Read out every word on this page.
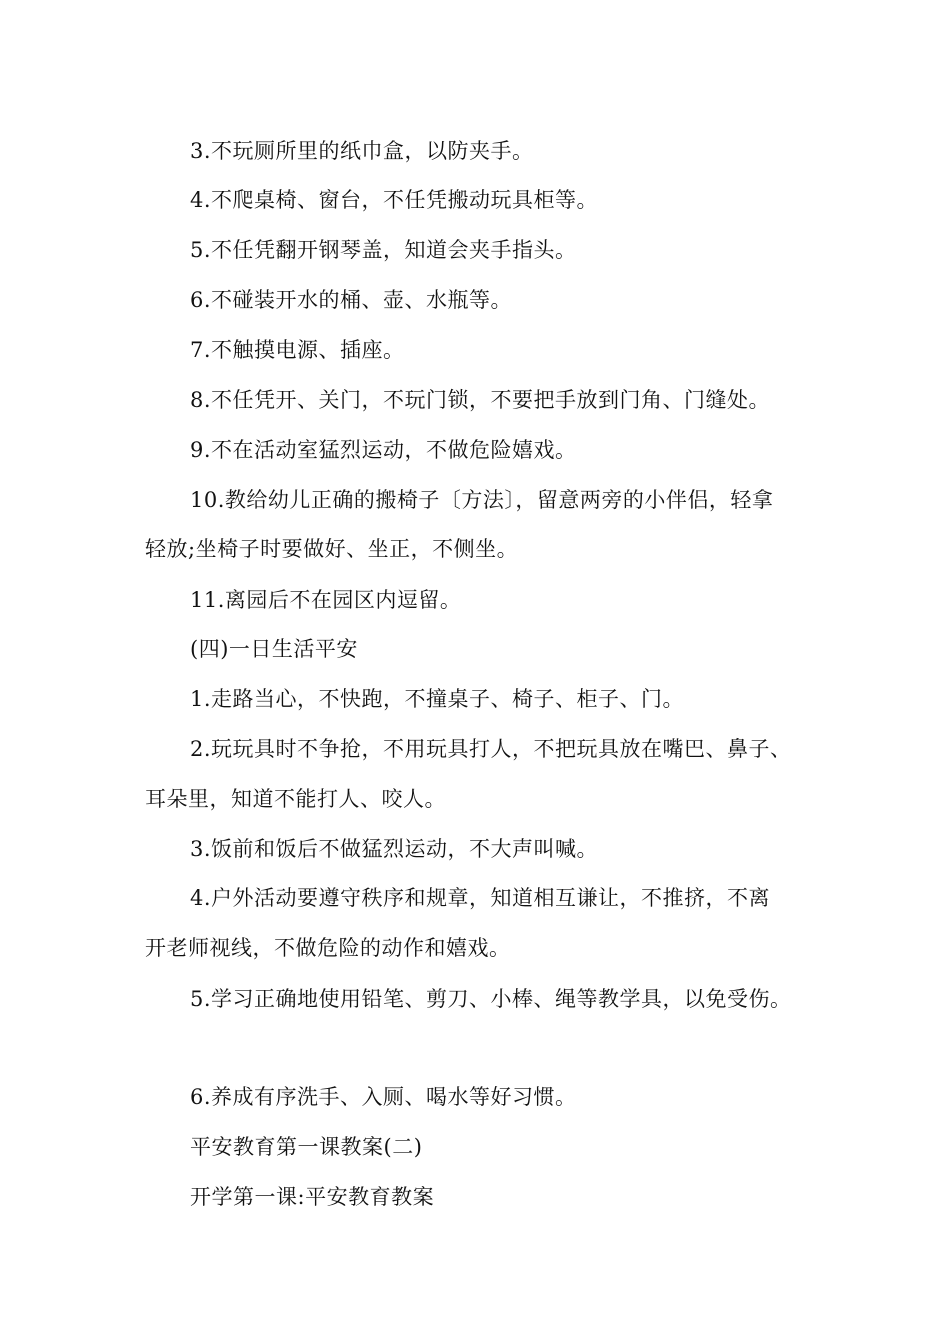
3.不玩厕所里的纸巾盒，以防夹手。
4.不爬桌椅、窗台，不任凭搬动玩具柜等。
5.不任凭翻开钢琴盖，知道会夹手指头。
6.不碰装开水的桶、壶、水瓶等。
7.不触摸电源、插座。
8.不任凭开、关门，不玩门锁，不要把手放到门角、门缝处。
9.不在活动室猛烈运动，不做危险嬉戏。
10.教给幼儿正确的搬椅子〔方法〕，留意两旁的小伴侣，轻拿
轻放;坐椅子时要做好、坐正，不侧坐。
11.离园后不在园区内逗留。
(四)一日生活平安
1.走路当心，不快跑，不撞桌子、椅子、柜子、门。
2.玩玩具时不争抢，不用玩具打人，不把玩具放在嘴巴、鼻子、
耳朵里，知道不能打人、咬人。
3.饭前和饭后不做猛烈运动，不大声叫喊。
4.户外活动要遵守秩序和规章，知道相互谦让，不推挤，不离
开老师视线，不做危险的动作和嬉戏。
5.学习正确地使用铅笔、剪刀、小棒、绳等教学具，以免受伤。
6.养成有序洗手、入厕、喝水等好习惯。
平安教育第一课教案(二)
开学第一课:平安教育教案
